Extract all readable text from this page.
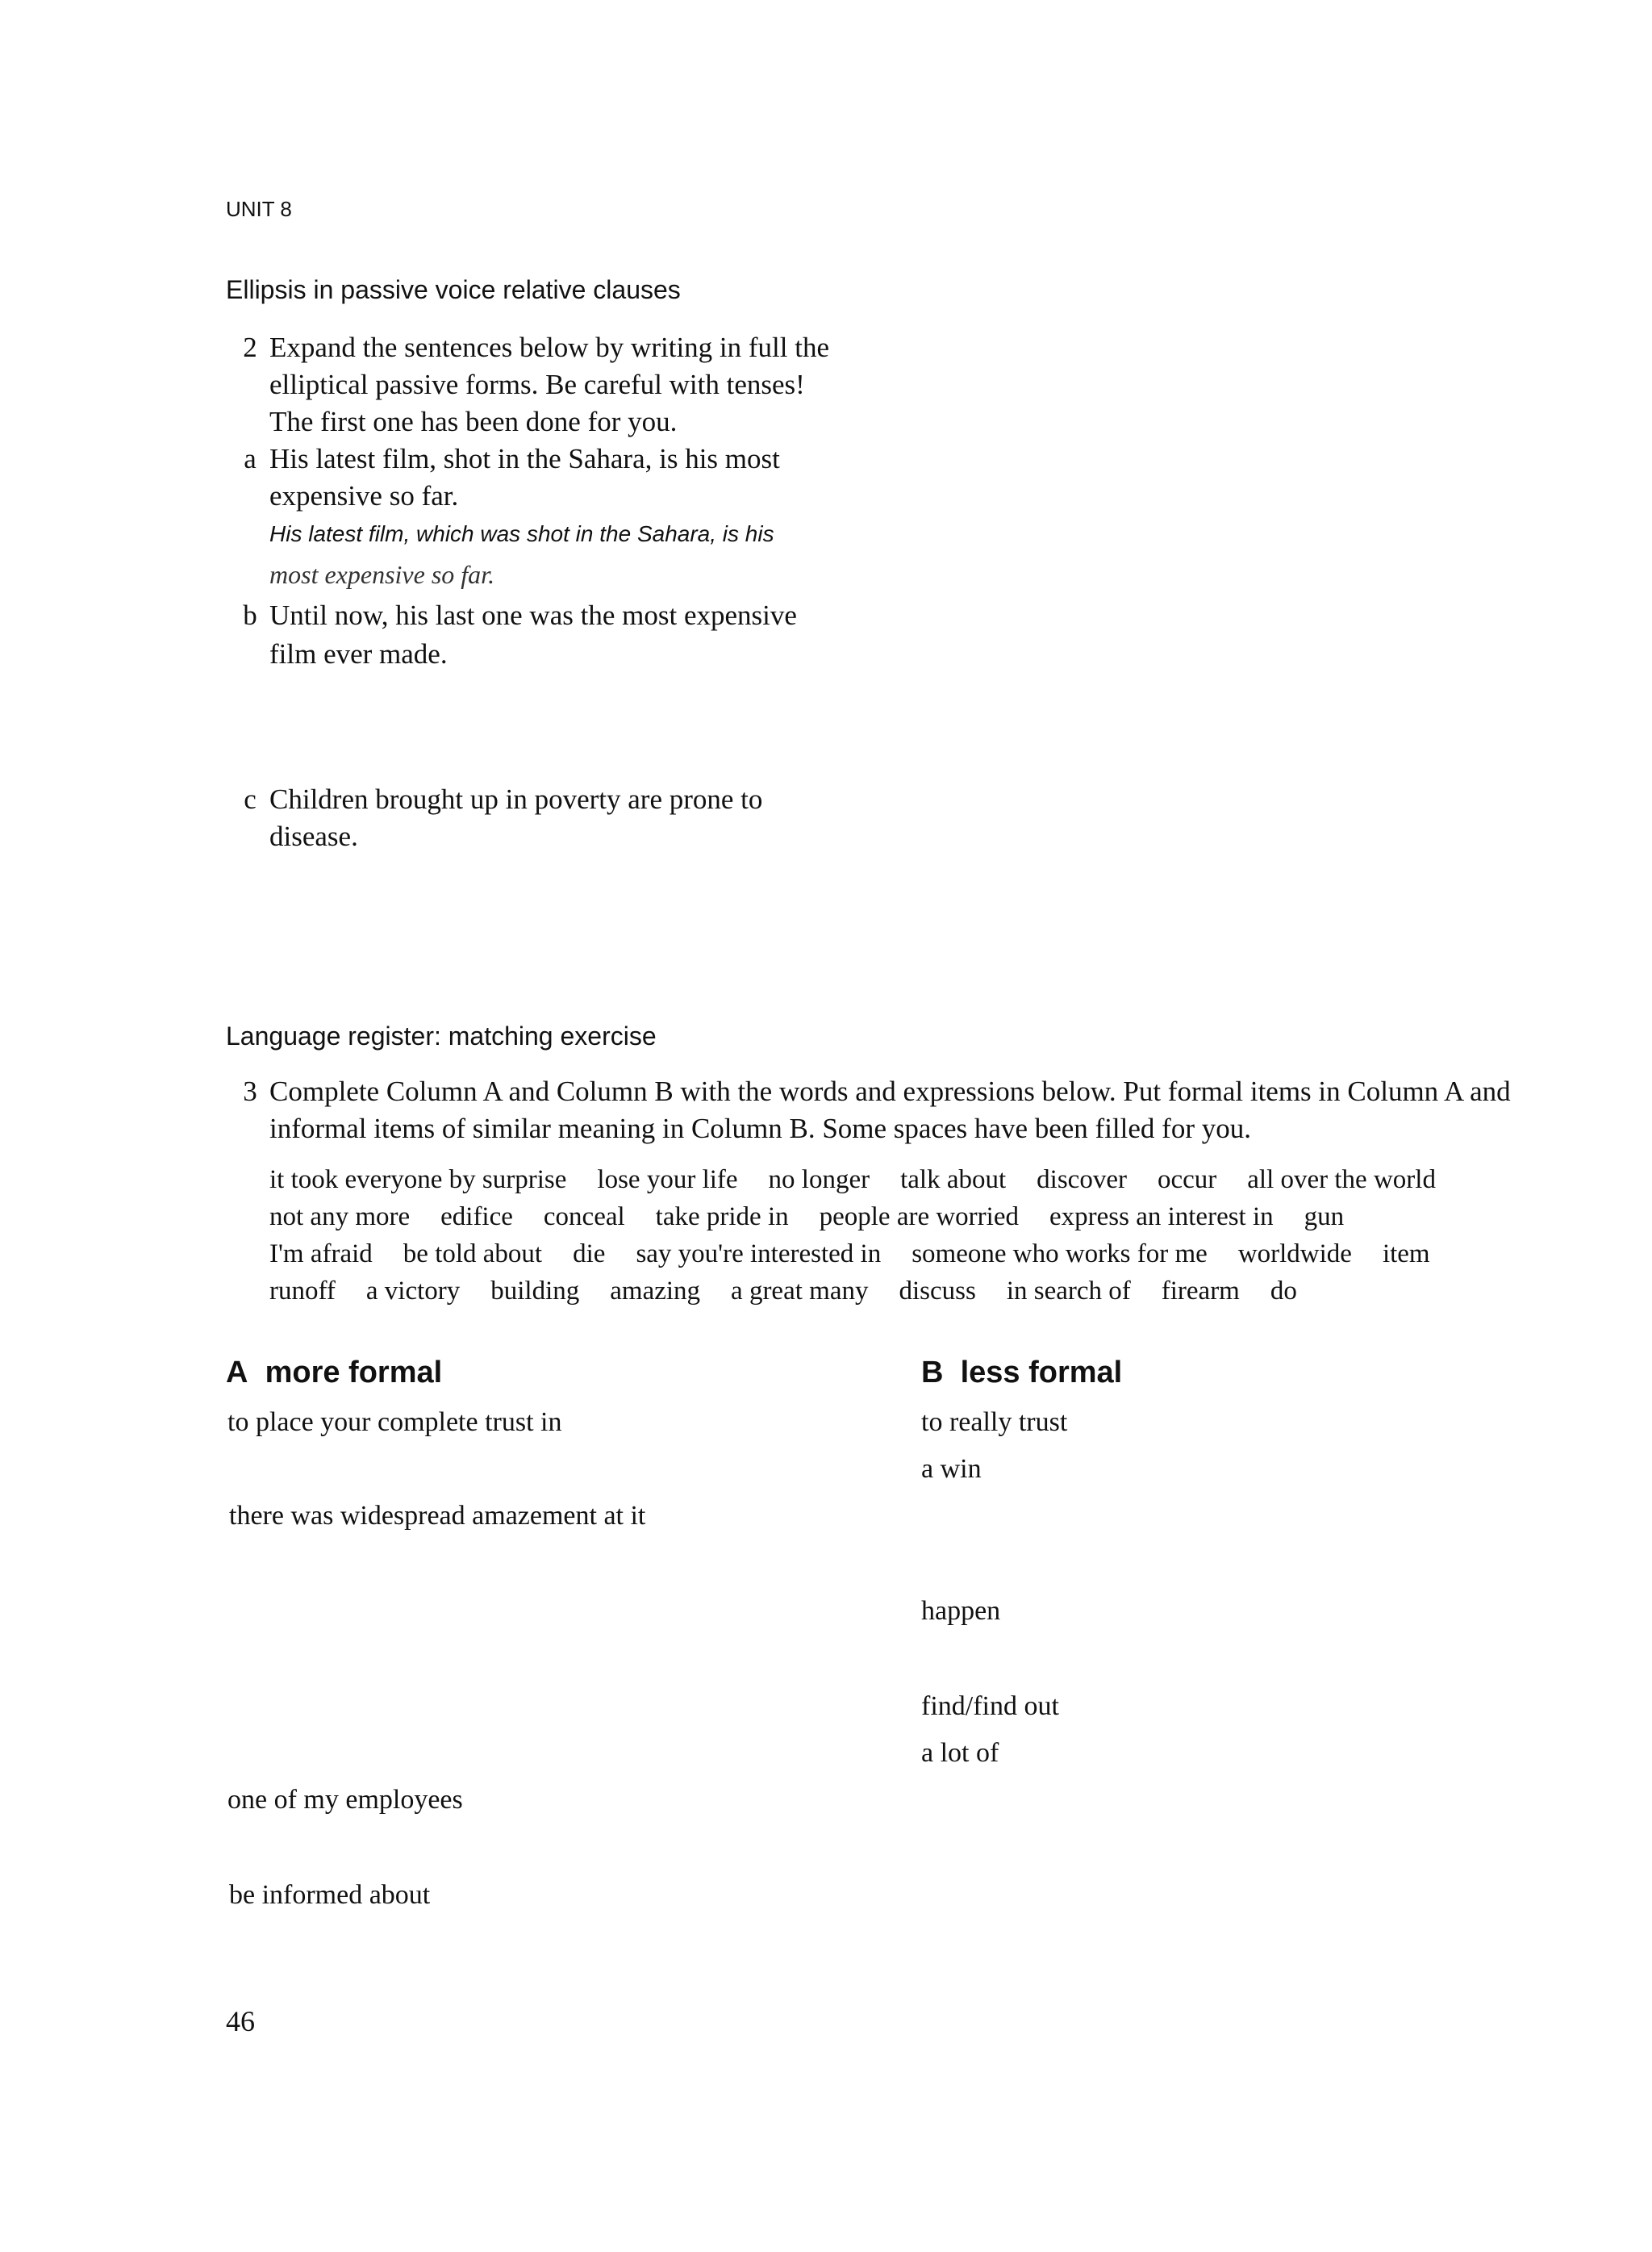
UNIT 8
Ellipsis in passive voice relative clauses
2 Expand the sentences below by writing in full the
elliptical passive forms. Be careful with tenses!
The first one has been done for you.
a His latest film, shot in the Sahara, is his most
expensive so far.
His latest film, which was shot in the Sahara, is his
most expensive so far.
b Until now, his last one was the most expensive
film ever made.
c Children brought up in poverty are prone to
disease.
Language register: matching exercise
3 Complete Column A and Column B with the words and expressions below. Put formal items in Column A and
informal items of similar meaning in Column B. Some spaces have been filled for you.
it took everyone by surprise lose your life no longer talk about discover occur all over the world
not any more edifice conceal take pride in people are worried express an interest in gun
I'm afraid be told about die say you're interested in someone who works for me worldwide item
runoff a victory building amazing a great many discuss in search of firearm do
A more formal	B less formal
to place your complete trust in
there was widespread amazement at it
one of my employees
be informed about
to really trust
a win
happen
find/find out
a lot of
46
